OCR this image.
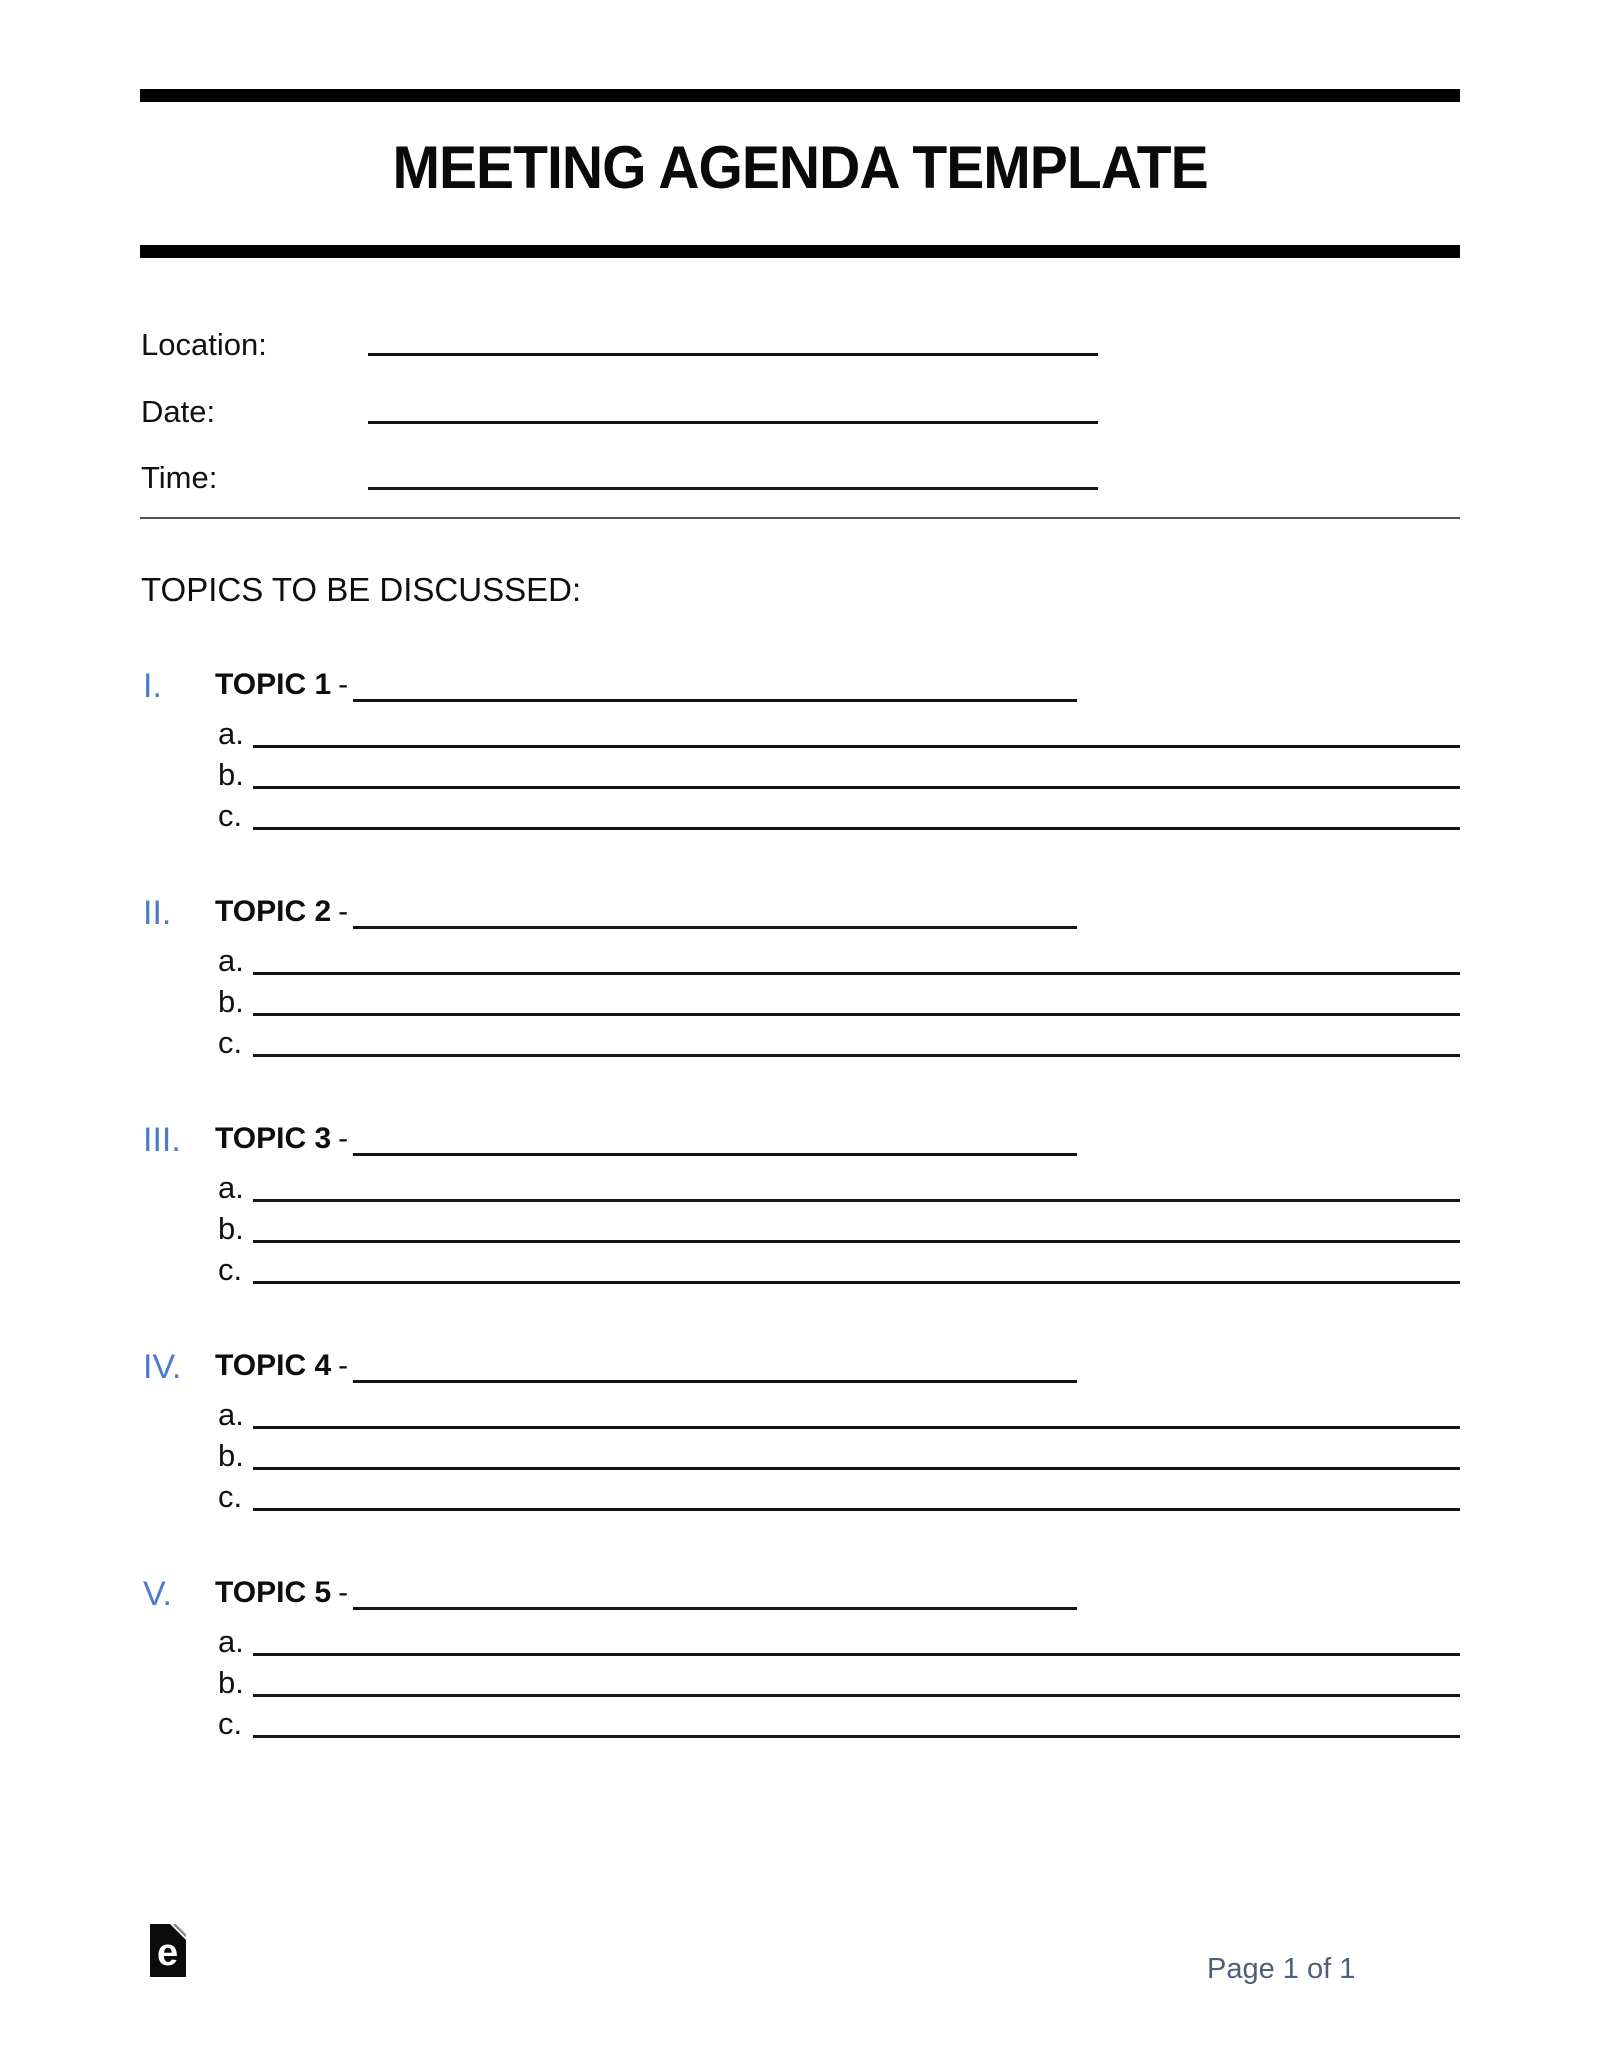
MEETING AGENDA TEMPLATE
Location:
Date:
Time:
TOPICS TO BE DISCUSSED:
I. TOPIC 1 -
a.
b.
c.
II. TOPIC 2 -
a.
b.
c.
III. TOPIC 3 -
a.
b.
c.
IV. TOPIC 4 -
a.
b.
c.
V. TOPIC 5 -
a.
b.
c.
e	Page 1 of 1
